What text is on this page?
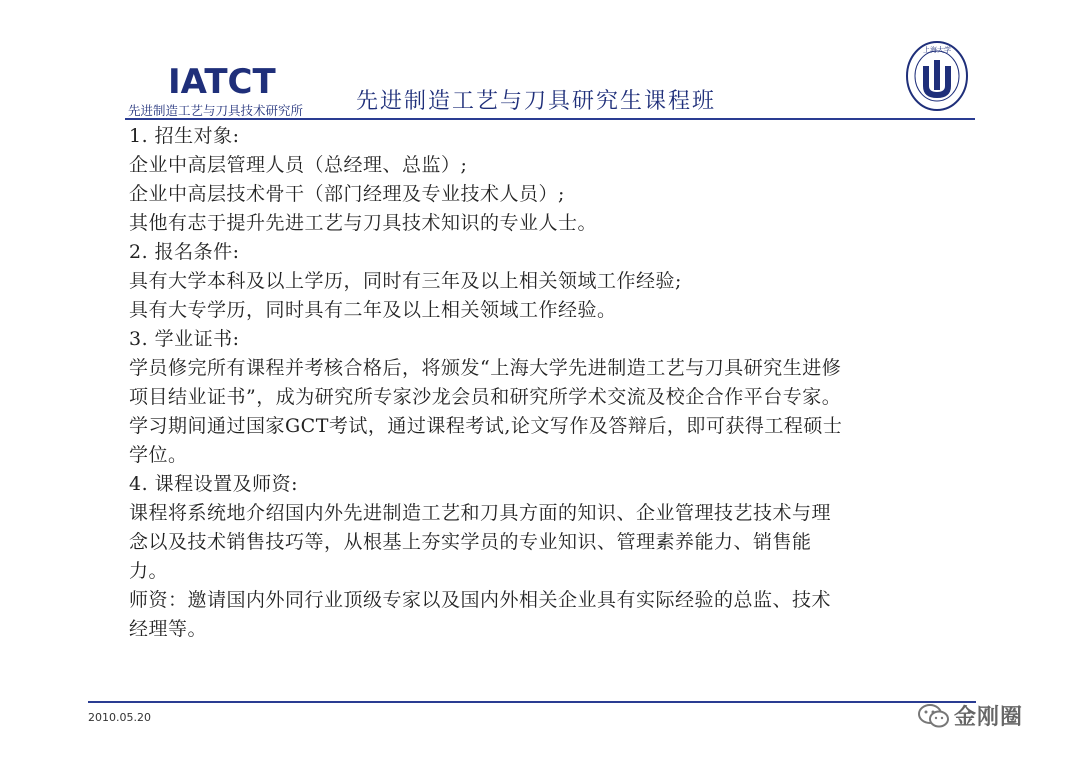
IATCT
先进制造工艺与刀具技术研究所 先进制造工艺与刀具研究生课程班
上海大学
1. 招生对象:
企业中高层管理人员（总经理、总监）;
企业中高层技术骨干（部门经理及专业技术人员）;
其他有志于提升先进工艺与刀具技术知识的专业人士。
2. 报名条件:
具有大学本科及以上学历，同时有三年及以上相关领域工作经验;
具有大专学历，同时具有二年及以上相关领域工作经验。
3. 学业证书:
学员修完所有课程并考核合格后，将颁发“上海大学先进制造工艺与刀具研究生进修
项目结业证书”，成为研究所专家沙龙会员和研究所学术交流及校企合作平台专家。
学习期间通过国家GCT考试，通过课程考试,论文写作及答辩后，即可获得工程硕士
学位。
4. 课程设置及师资:
课程将系统地介绍国内外先进制造工艺和刀具方面的知识、企业管理技艺技术与理
念以及技术销售技巧等，从根基上夯实学员的专业知识、管理素养能力、销售能
力。
师资：邀请国内外同行业顶级专家以及国内外相关企业具有实际经验的总监、技术
经理等。
2010.05.20	金刚圈
